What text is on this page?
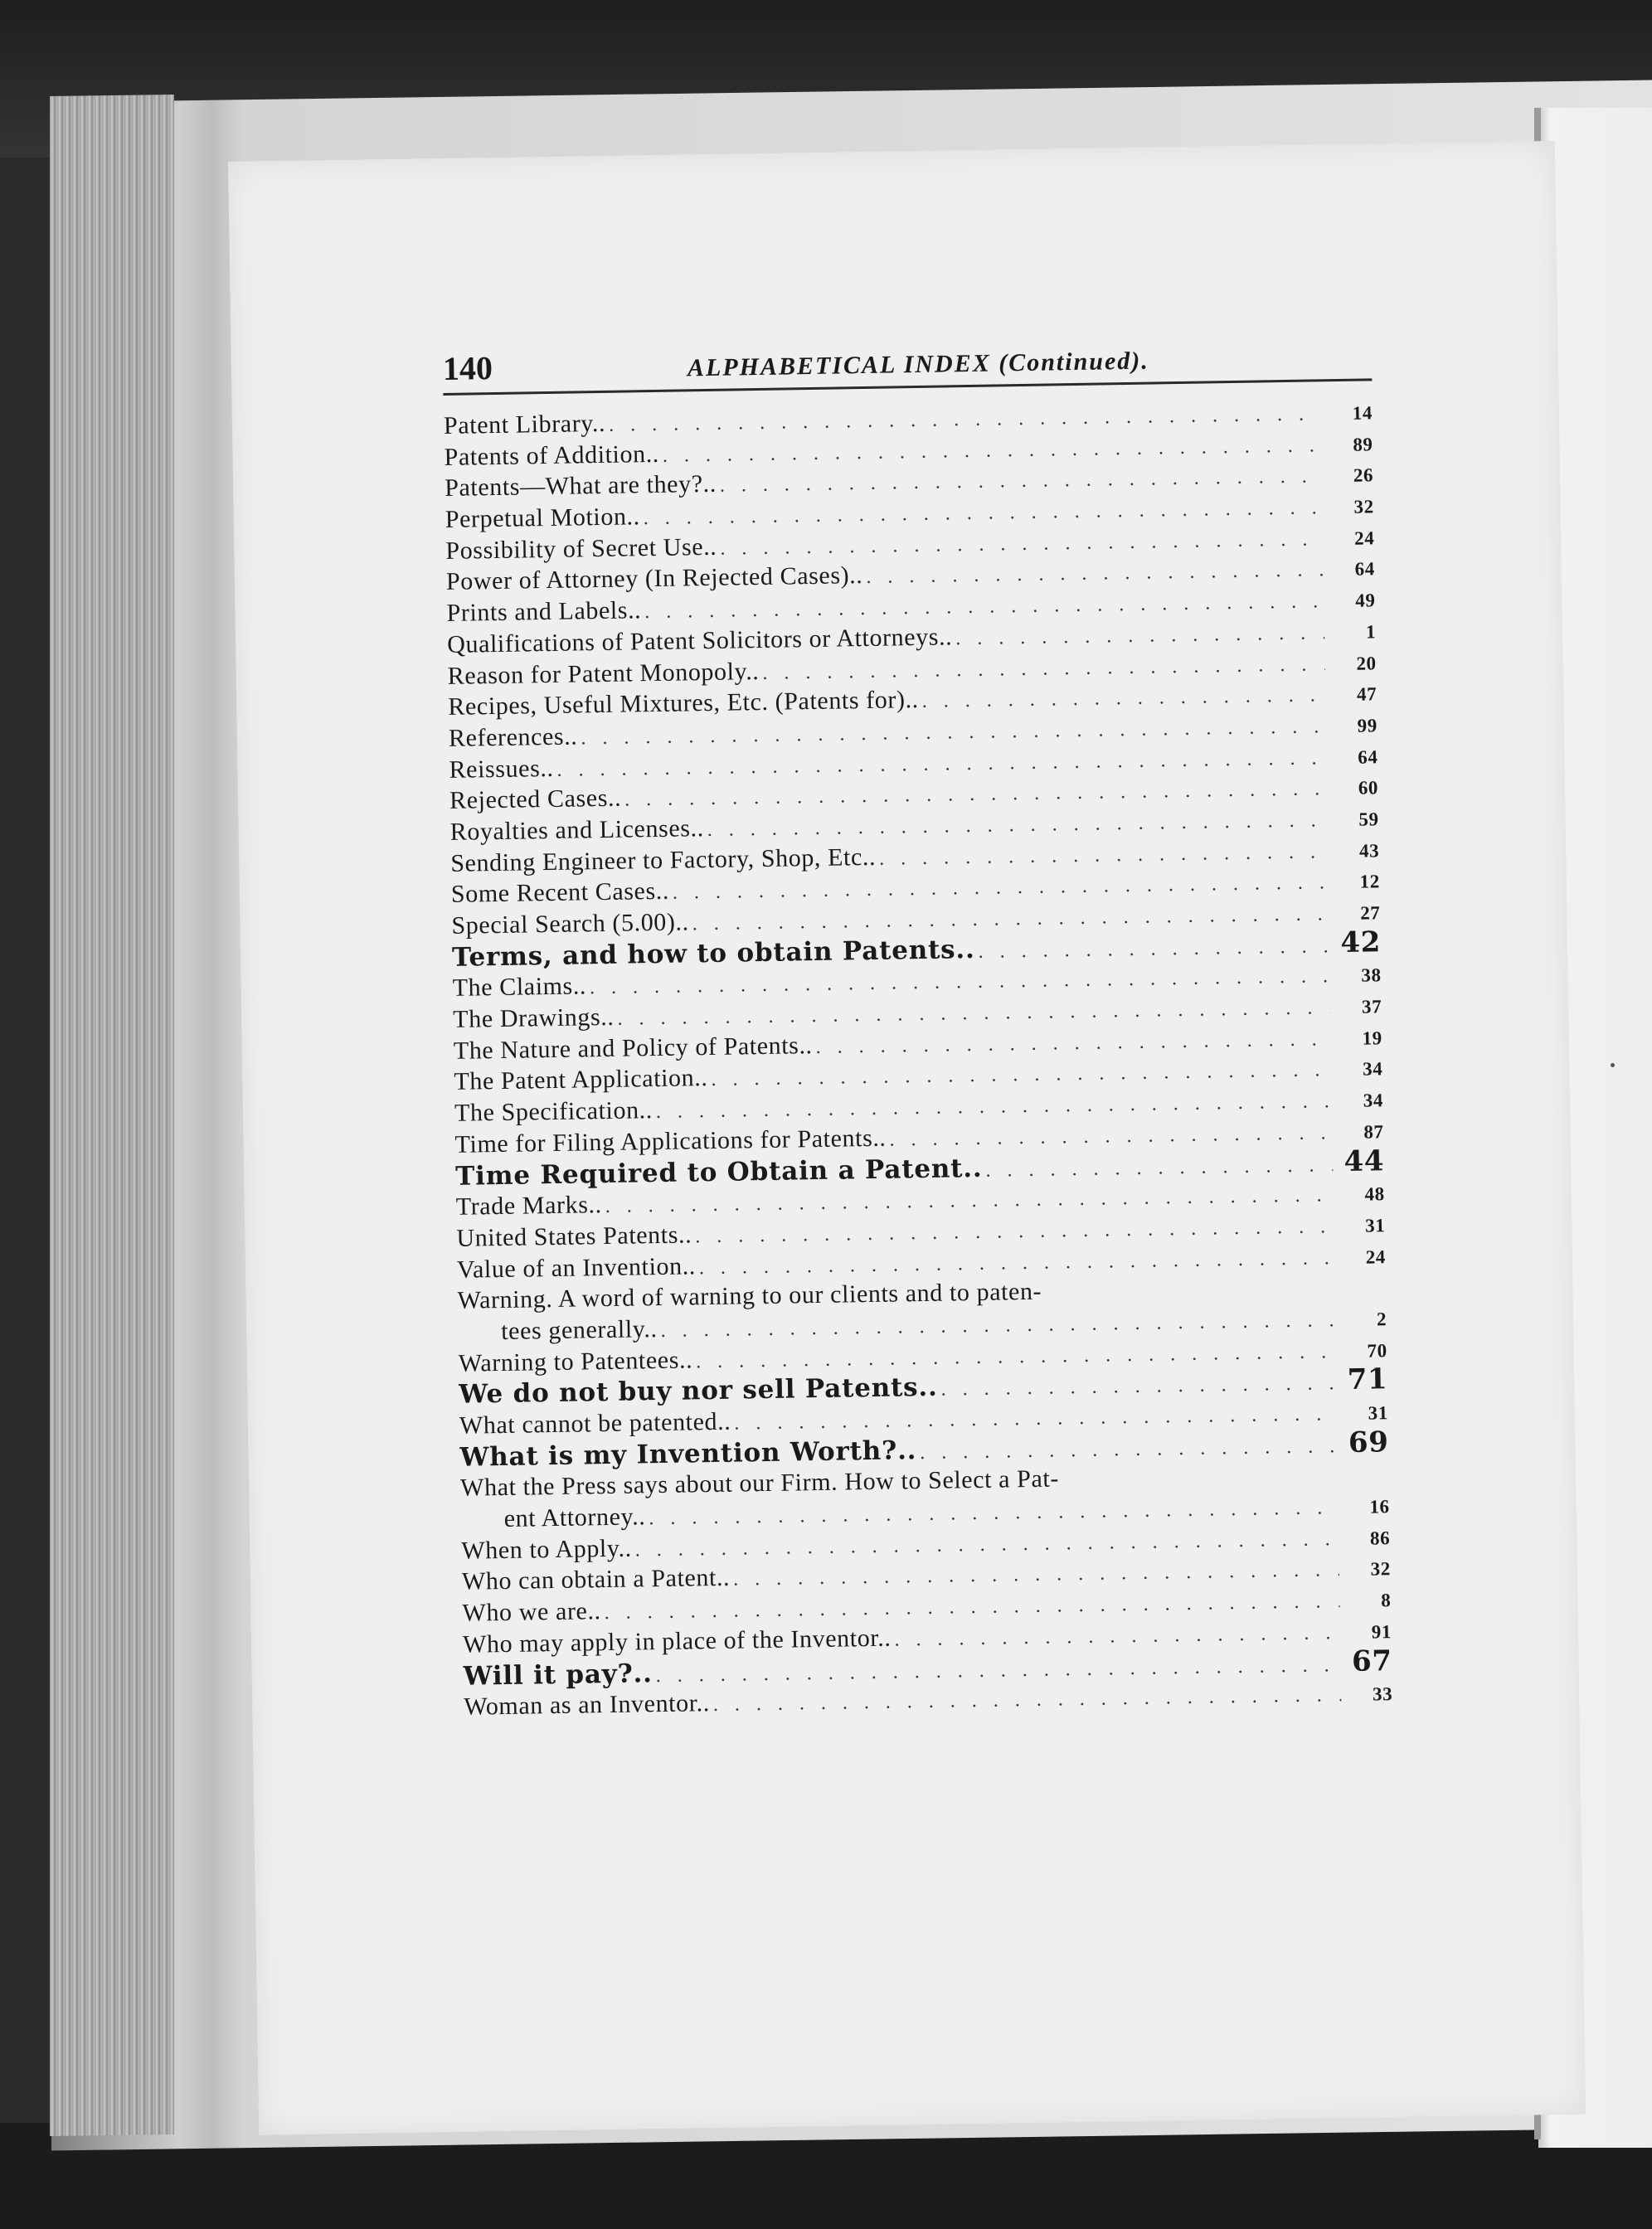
140	ALPHABETICAL INDEX (Continued).
Patent Library.. . . .	14
Patents of Addition.. . . .	89
Patents—What are they?.. . . .	26
Perpetual Motion.. . . .	32
Possibility of Secret Use.. . . .	24
Power of Attorney (In Rejected Cases).. . . .	64
Prints and Labels.. . . .	49
Qualifications of Patent Solicitors or Attorneys.. . . .	1
Reason for Patent Monopoly.. . . .	20
Recipes, Useful Mixtures, Etc. (Patents for).. . . .	47
References.. . . .	99
Reissues.. . . .	64
Rejected Cases.. . . .	60
Royalties and Licenses.. . . .	59
Sending Engineer to Factory, Shop, Etc.. . . .	43
Some Recent Cases.. . . .	12
Special Search (5.00).. . . .	27
Terms, and how to obtain Patents.. . . .	42
The Claims.. . . .	38
The Drawings.. . . .	37
The Nature and Policy of Patents.. . . .	19
The Patent Application.. . . .	34
The Specification.. . . .	34
Time for Filing Applications for Patents.. . . .	87
Time Required to Obtain a Patent.. . . .	44
Trade Marks.. . . .	48
United States Patents.. . . .	31
Value of an Invention.. . . .	24
Warning. A word of warning to our clients and to paten-
tees generally.. . . .	2
Warning to Patentees.. . . .	70
We do not buy nor sell Patents.. . . .	71
What cannot be patented.. . . .	31
What is my Invention Worth?.. . . .	69
What the Press says about our Firm. How to Select a Pat-
ent Attorney.. . . .	16
When to Apply.. . . .	86
Who can obtain a Patent.. . . .	32
Who we are.. . . .	8
Who may apply in place of the Inventor.. . . .	91
Will it pay?.. . . .	67
Woman as an Inventor.. . . .	33
